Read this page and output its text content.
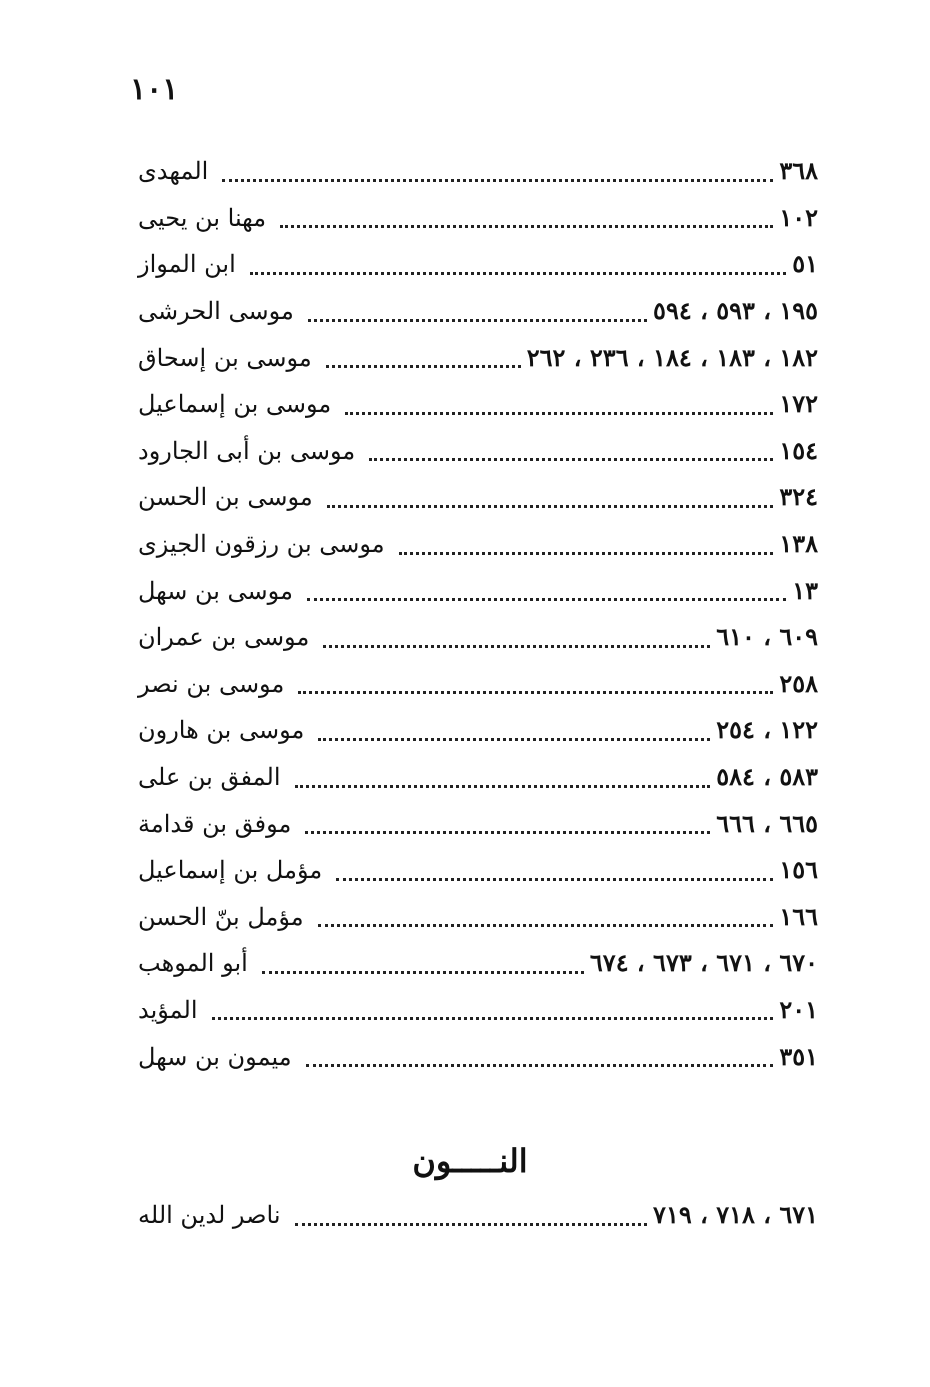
١٠١
المهدى	٣٦٨
مهنا بن يحيى	١٠٢
ابن المواز	٥١
موسى الحرشى	١٩٥ ، ٥٩٣ ، ٥٩٤
موسى بن إسحاق	١٨٢ ، ١٨٣ ، ١٨٤ ، ٢٣٦ ، ٢٦٢
موسى بن إسماعيل	١٧٢
موسى بن أبى الجارود	١٥٤
موسى بن الحسن	٣٢٤
موسى بن رزقون الجيزى	١٣٨
موسى بن سهل	١٣
موسى بن عمران	٦٠٩ ، ٦١٠
موسى بن نصر	٢٥٨
موسى بن هارون	١٢٢ ، ٢٥٤
المفق بن على	٥٨٣ ، ٥٨٤
موفق بن قدامة	٦٦٥ ، ٦٦٦
مؤمل بن إسماعيل	١٥٦
مؤمل بنّ الحسن	١٦٦
أبو الموهب	٦٧٠ ، ٦٧١ ، ٦٧٣ ، ٦٧٤
المؤيد	٢٠١
ميمون بن سهل	٣٥١
النـــــون
ناصر لدين الله	٦٧١ ، ٧١٨ ، ٧١٩
